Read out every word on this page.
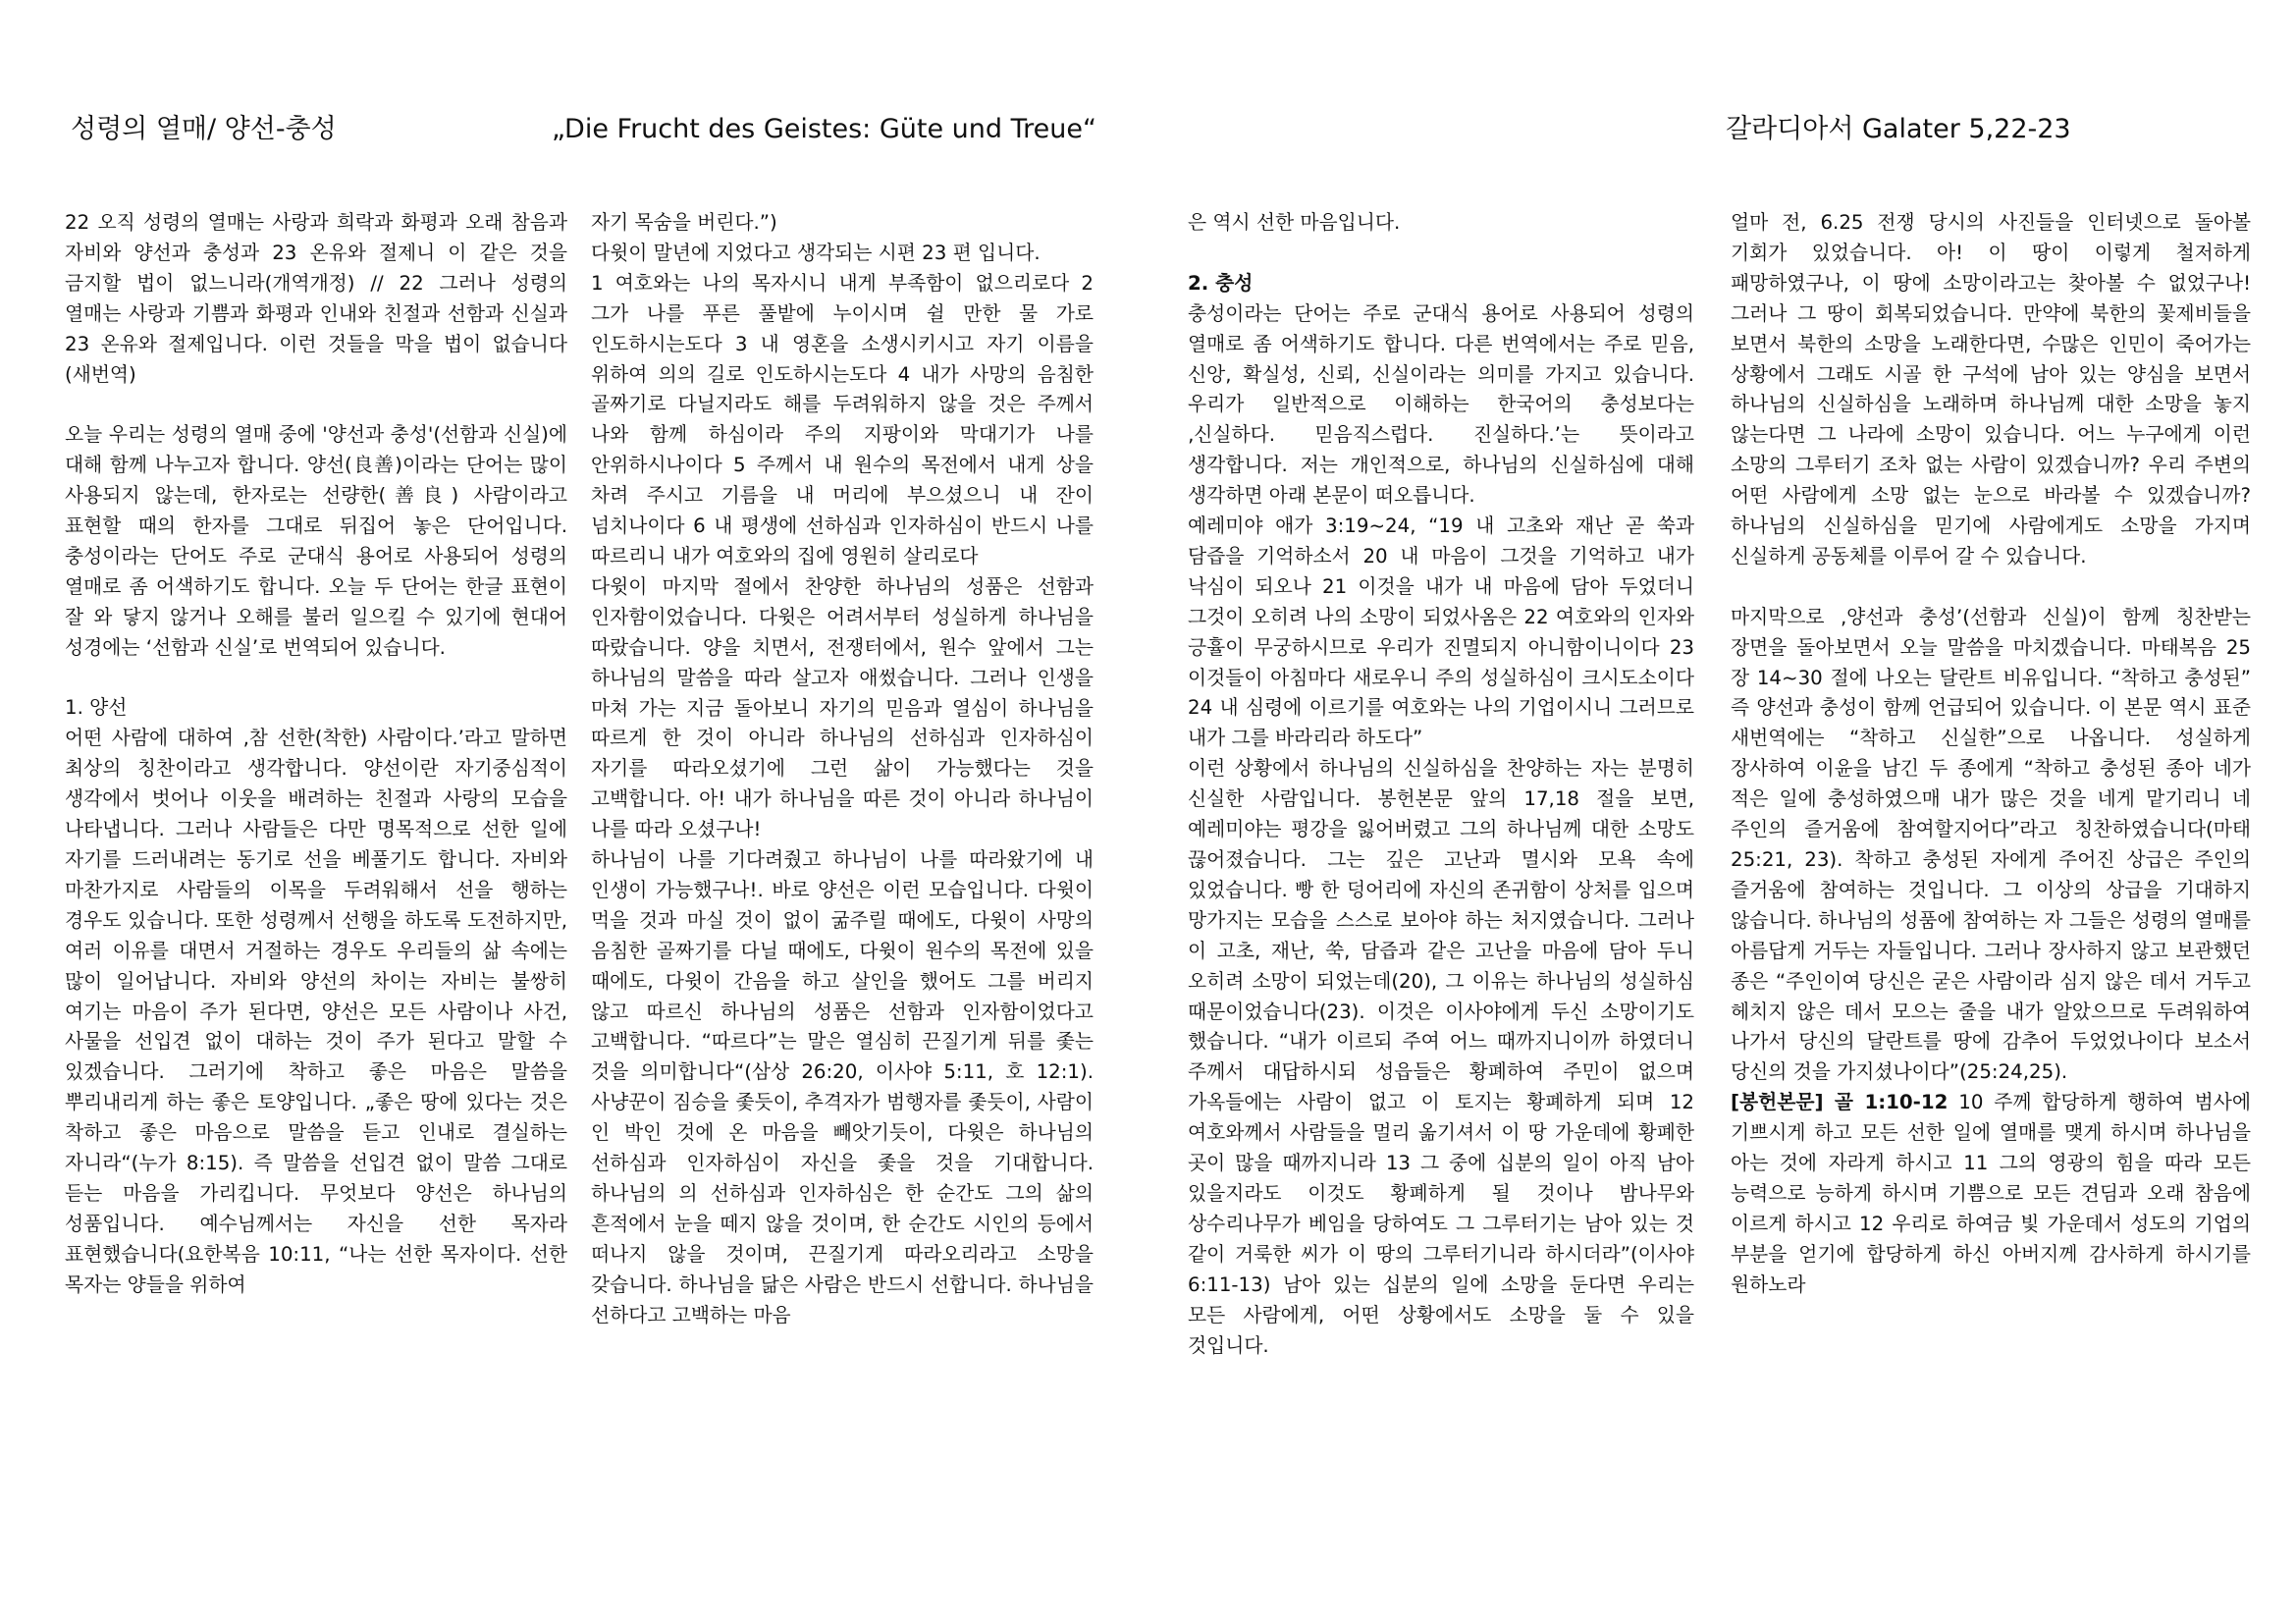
성령의 열매/ 양선-충성	„Die Frucht des Geistes: Güte und Treue“	갈라디아서 Galater 5,22-23

22 오직 성령의 열매는 사랑과 희락과 화평과 오래 참음과 자비와 양선과 충성과 23 온유와 절제니 이 같은 것을 금지할 법이 없느니라(개역개정) // 22 그러나 성령의 열매는 사랑과 기쁨과 화평과 인내와 친절과 선함과 신실과 23 온유와 절제입니다. 이런 것들을 막을 법이 없습니다(새번역)

오늘 우리는 성령의 열매 중에 '양선과 충성'(선함과 신실)에 대해 함께 나누고자 합니다. 양선(良善)이라는 단어는 많이 사용되지 않는데, 한자로는 선량한(善良) 사람이라고 표현할 때의 한자를 그대로 뒤집어 놓은 단어입니다. 충성이라는 단어도 주로 군대식 용어로 사용되어 성령의 열매로 좀 어색하기도 합니다. 오늘 두 단어는 한글 표현이 잘 와 닿지 않거나 오해를 불러 일으킬 수 있기에 현대어 성경에는 ‘선함과 신실’로 번역되어 있습니다.

1. 양선

어떤 사람에 대하여 ‚참 선한(착한) 사람이다.’라고 말하면 최상의 칭찬이라고 생각합니다. 양선이란 자기중심적이 생각에서 벗어나 이웃을 배려하는 친절과 사랑의 모습을 나타냅니다. 그러나 사람들은 다만 명목적으로 선한 일에 자기를 드러내려는 동기로 선을 베풀기도 합니다. 자비와 마찬가지로 사람들의 이목을 두려워해서 선을 행하는 경우도 있습니다. 또한 성령께서 선행을 하도록 도전하지만, 여러 이유를 대면서 거절하는 경우도 우리들의 삶 속에는 많이 일어납니다. 자비와 양선의 차이는 자비는 불쌍히 여기는 마음이 주가 된다면, 양선은 모든 사람이나 사건, 사물을 선입견 없이 대하는 것이 주가 된다고 말할 수 있겠습니다. 그러기에 착하고 좋은 마음은 말씀을 뿌리내리게 하는 좋은 토양입니다. „좋은 땅에 있다는 것은 착하고 좋은 마음으로 말씀을 듣고 인내로 결실하는 자니라“(누가 8:15). 즉 말씀을 선입견 없이 말씀 그대로 듣는 마음을 가리킵니다. 무엇보다 양선은 하나님의 성품입니다. 예수님께서는 자신을 선한 목자라 표현했습니다(요한복음 10:11, “나는 선한 목자이다. 선한 목자는 양들을 위하여

자기 목숨을 버린다.”)

다윗이 말년에 지었다고 생각되는 시편 23 편 입니다.

1 여호와는 나의 목자시니 내게 부족함이 없으리로다 2 그가 나를 푸른 풀밭에 누이시며 쉴 만한 물 가로 인도하시는도다 3 내 영혼을 소생시키시고 자기 이름을 위하여 의의 길로 인도하시는도다 4 내가 사망의 음침한 골짜기로 다닐지라도 해를 두려워하지 않을 것은 주께서 나와 함께 하심이라 주의 지팡이와 막대기가 나를 안위하시나이다 5 주께서 내 원수의 목전에서 내게 상을 차려 주시고 기름을 내 머리에 부으셨으니 내 잔이 넘치나이다 6 내 평생에 선하심과 인자하심이 반드시 나를 따르리니 내가 여호와의 집에 영원히 살리로다

다윗이 마지막 절에서 찬양한 하나님의 성품은 선함과 인자함이었습니다. 다윗은 어려서부터 성실하게 하나님을 따랐습니다. 양을 치면서, 전쟁터에서, 원수 앞에서 그는 하나님의 말씀을 따라 살고자 애썼습니다. 그러나 인생을 마쳐 가는 지금 돌아보니 자기의 믿음과 열심이 하나님을 따르게 한 것이 아니라 하나님의 선하심과 인자하심이 자기를 따라오셨기에 그런 삶이 가능했다는 것을 고백합니다. 아! 내가 하나님을 따른 것이 아니라 하나님이 나를 따라 오셨구나!

하나님이 나를 기다려줬고 하나님이 나를 따라왔기에 내 인생이 가능했구나!. 바로 양선은 이런 모습입니다. 다윗이 먹을 것과 마실 것이 없이 굶주릴 때에도, 다윗이 사망의 음침한 골짜기를 다닐 때에도, 다윗이 원수의 목전에 있을 때에도, 다윗이 간음을 하고 살인을 했어도 그를 버리지 않고 따르신 하나님의 성품은 선함과 인자함이었다고 고백합니다. “따르다”는 말은 열심히 끈질기게 뒤를 좇는 것을 의미합니다“(삼상 26:20, 이사야 5:11, 호 12:1). 사냥꾼이 짐승을 좇듯이, 추격자가 범행자를 좇듯이, 사람이 인 박인 것에 온 마음을 빼앗기듯이, 다윗은 하나님의 선하심과 인자하심이 자신을 좇을 것을 기대합니다. 하나님의 의 선하심과 인자하심은 한 순간도 그의 삶의 흔적에서 눈을 떼지 않을 것이며, 한 순간도 시인의 등에서 떠나지 않을 것이며, 끈질기게 따라오리라고 소망을 갖습니다. 하나님을 닮은 사람은 반드시 선합니다. 하나님을 선하다고 고백하는 마음

은 역시 선한 마음입니다.

2. 충성

충성이라는 단어는 주로 군대식 용어로 사용되어 성령의 열매로 좀 어색하기도 합니다. 다른 번역에서는 주로 믿음, 신앙, 확실성, 신뢰, 신실이라는 의미를 가지고 있습니다. 우리가 일반적으로 이해하는 한국어의 충성보다는 ‚신실하다. 믿음직스럽다. 진실하다.’는 뜻이라고 생각합니다. 저는 개인적으로, 하나님의 신실하심에 대해 생각하면 아래 본문이 떠오릅니다.

예레미야 애가 3:19~24, “19 내 고초와 재난 곧 쑥과 담즙을 기억하소서 20 내 마음이 그것을 기억하고 내가 낙심이 되오나 21 이것을 내가 내 마음에 담아 두었더니 그것이 오히려 나의 소망이 되었사옴은 22 여호와의 인자와 긍휼이 무궁하시므로 우리가 진멸되지 아니함이니이다 23 이것들이 아침마다 새로우니 주의 성실하심이 크시도소이다 24 내 심령에 이르기를 여호와는 나의 기업이시니 그러므로 내가 그를 바라리라 하도다”

이런 상황에서 하나님의 신실하심을 찬양하는 자는 분명히 신실한 사람입니다. 봉헌본문 앞의 17,18 절을 보면, 예레미야는 평강을 잃어버렸고 그의 하나님께 대한 소망도 끊어졌습니다. 그는 깊은 고난과 멸시와 모욕 속에 있었습니다. 빵 한 덩어리에 자신의 존귀함이 상처를 입으며 망가지는 모습을 스스로 보아야 하는 처지였습니다. 그러나 이 고초, 재난, 쑥, 담즙과 같은 고난을 마음에 담아 두니 오히려 소망이 되었는데(20), 그 이유는 하나님의 성실하심 때문이었습니다(23). 이것은 이사야에게 두신 소망이기도 했습니다. “내가 이르되 주여 어느 때까지니이까 하였더니 주께서 대답하시되 성읍들은 황폐하여 주민이 없으며 가옥들에는 사람이 없고 이 토지는 황폐하게 되며 12 여호와께서 사람들을 멀리 옮기셔서 이 땅 가운데에 황폐한 곳이 많을 때까지니라 13 그 중에 십분의 일이 아직 남아 있을지라도 이것도 황폐하게 될 것이나 밤나무와 상수리나무가 베임을 당하여도 그 그루터기는 남아 있는 것 같이 거룩한 씨가 이 땅의 그루터기니라 하시더라”(이사야 6:11-13) 남아 있는 십분의 일에 소망을 둔다면 우리는 모든 사람에게, 어떤 상황에서도 소망을 둘 수 있을 것입니다.

얼마 전, 6.25 전쟁 당시의 사진들을 인터넷으로 돌아볼 기회가 있었습니다. 아! 이 땅이 이렇게 철저하게 패망하였구나, 이 땅에 소망이라고는 찾아볼 수 없었구나! 그러나 그 땅이 회복되었습니다. 만약에 북한의 꽃제비들을 보면서 북한의 소망을 노래한다면, 수많은 인민이 죽어가는 상황에서 그래도 시골 한 구석에 남아 있는 양심을 보면서 하나님의 신실하심을 노래하며 하나님께 대한 소망을 놓지 않는다면 그 나라에 소망이 있습니다. 어느 누구에게 이런 소망의 그루터기 조차 없는 사람이 있겠습니까? 우리 주변의 어떤 사람에게 소망 없는 눈으로 바라볼 수 있겠습니까? 하나님의 신실하심을 믿기에 사람에게도 소망을 가지며 신실하게 공동체를 이루어 갈 수 있습니다.

마지막으로 ‚양선과 충성’(선함과 신실)이 함께 칭찬받는 장면을 돌아보면서 오늘 말씀을 마치겠습니다. 마태복음 25 장 14~30 절에 나오는 달란트 비유입니다. “착하고 충성된” 즉 양선과 충성이 함께 언급되어 있습니다. 이 본문 역시 표준 새번역에는 “착하고 신실한”으로 나옵니다. 성실하게 장사하여 이윤을 남긴 두 종에게 “착하고 충성된 종아 네가 적은 일에 충성하였으매 내가 많은 것을 네게 맡기리니 네 주인의 즐거움에 참여할지어다”라고 칭찬하였습니다(마태 25:21, 23). 착하고 충성된 자에게 주어진 상급은 주인의 즐거움에 참여하는 것입니다. 그 이상의 상급을 기대하지 않습니다. 하나님의 성품에 참여하는 자 그들은 성령의 열매를 아름답게 거두는 자들입니다. 그러나 장사하지 않고 보관했던 종은 “주인이여 당신은 굳은 사람이라 심지 않은 데서 거두고 헤치지 않은 데서 모으는 줄을 내가 알았으므로 두려워하여 나가서 당신의 달란트를 땅에 감추어 두었었나이다 보소서 당신의 것을 가지셨나이다”(25:24,25).

[봉헌본문] 골 1:10-12 10 주께 합당하게 행하여 범사에 기쁘시게 하고 모든 선한 일에 열매를 맺게 하시며 하나님을 아는 것에 자라게 하시고 11 그의 영광의 힘을 따라 모든 능력으로 능하게 하시며 기쁨으로 모든 견딤과 오래 참음에 이르게 하시고 12 우리로 하여금 빛 가운데서 성도의 기업의 부분을 얻기에 합당하게 하신 아버지께 감사하게 하시기를 원하노라
